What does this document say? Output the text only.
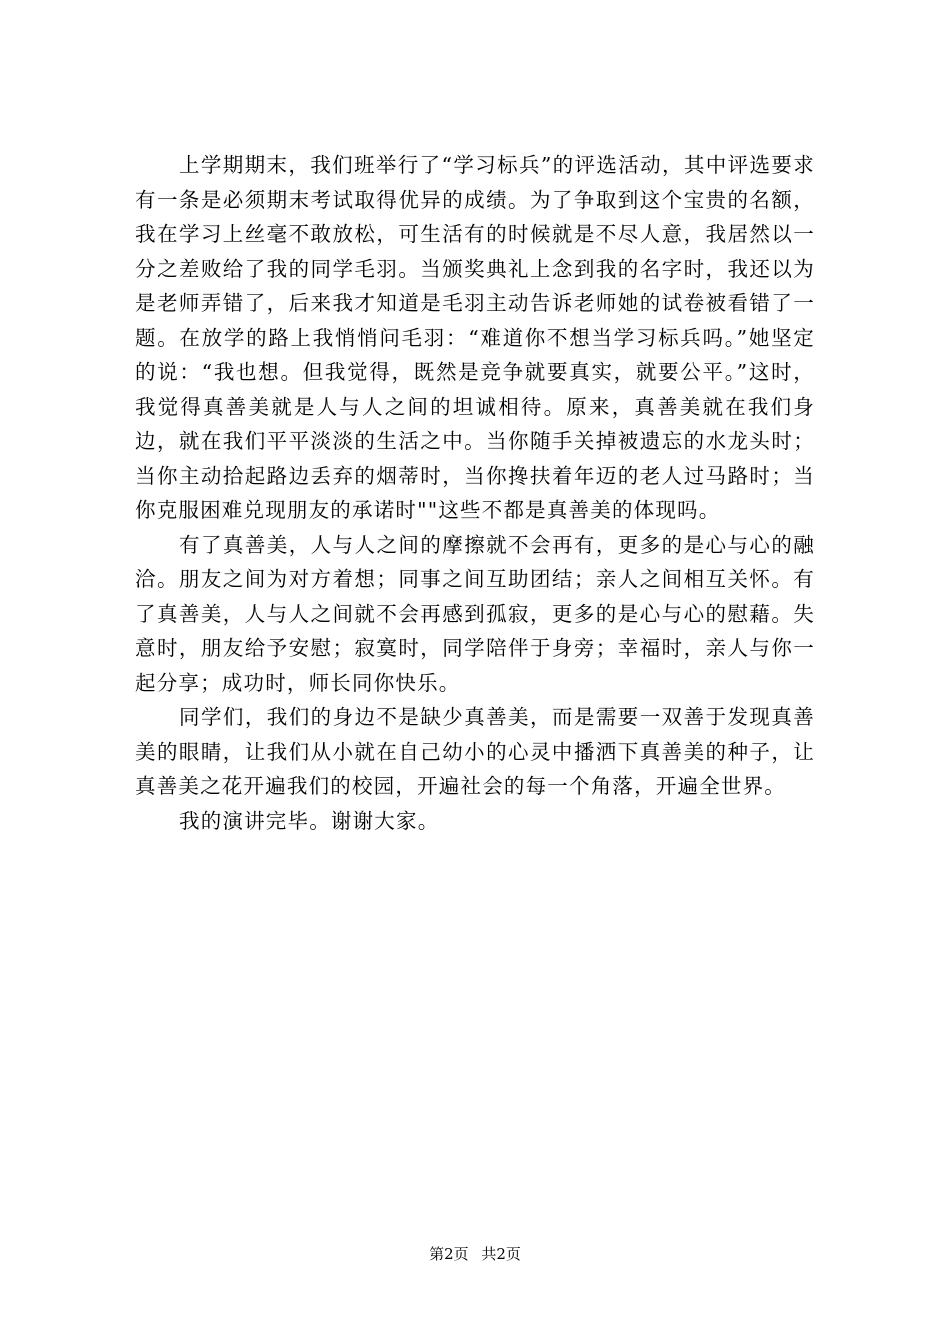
上学期期末，我们班举行了“学习标兵”的评选活动，其中评选要求有一条是必须期末考试取得优异的成绩。为了争取到这个宝贵的名额，我在学习上丝毫不敢放松，可生活有的时候就是不尽人意，我居然以一分之差败给了我的同学毛羽。当颁奖典礼上念到我的名字时，我还以为是老师弄错了，后来我才知道是毛羽主动告诉老师她的试卷被看错了一题。在放学的路上我悄悄问毛羽：“难道你不想当学习标兵吗。”她坚定的说：“我也想。但我觉得，既然是竞争就要真实，就要公平。”这时，我觉得真善美就是人与人之间的坦诚相待。原来，真善美就在我们身边，就在我们平平淡淡的生活之中。当你随手关掉被遗忘的水龙头时；当你主动拾起路边丢弃的烟蒂时，当你搀扶着年迈的老人过马路时；当你克服困难兑现朋友的承诺时""这些不都是真善美的体现吗。

有了真善美，人与人之间的摩擦就不会再有，更多的是心与心的融洽。朋友之间为对方着想；同事之间互助团结；亲人之间相互关怀。有了真善美，人与人之间就不会再感到孤寂，更多的是心与心的慰藉。失意时，朋友给予安慰；寂寞时，同学陪伴于身旁；幸福时，亲人与你一起分享；成功时，师长同你快乐。

同学们，我们的身边不是缺少真善美，而是需要一双善于发现真善美的眼睛，让我们从小就在自己幼小的心灵中播洒下真善美的种子，让真善美之花开遍我们的校园，开遍社会的每一个角落，开遍全世界。

我的演讲完毕。谢谢大家。

第2页 共2页
